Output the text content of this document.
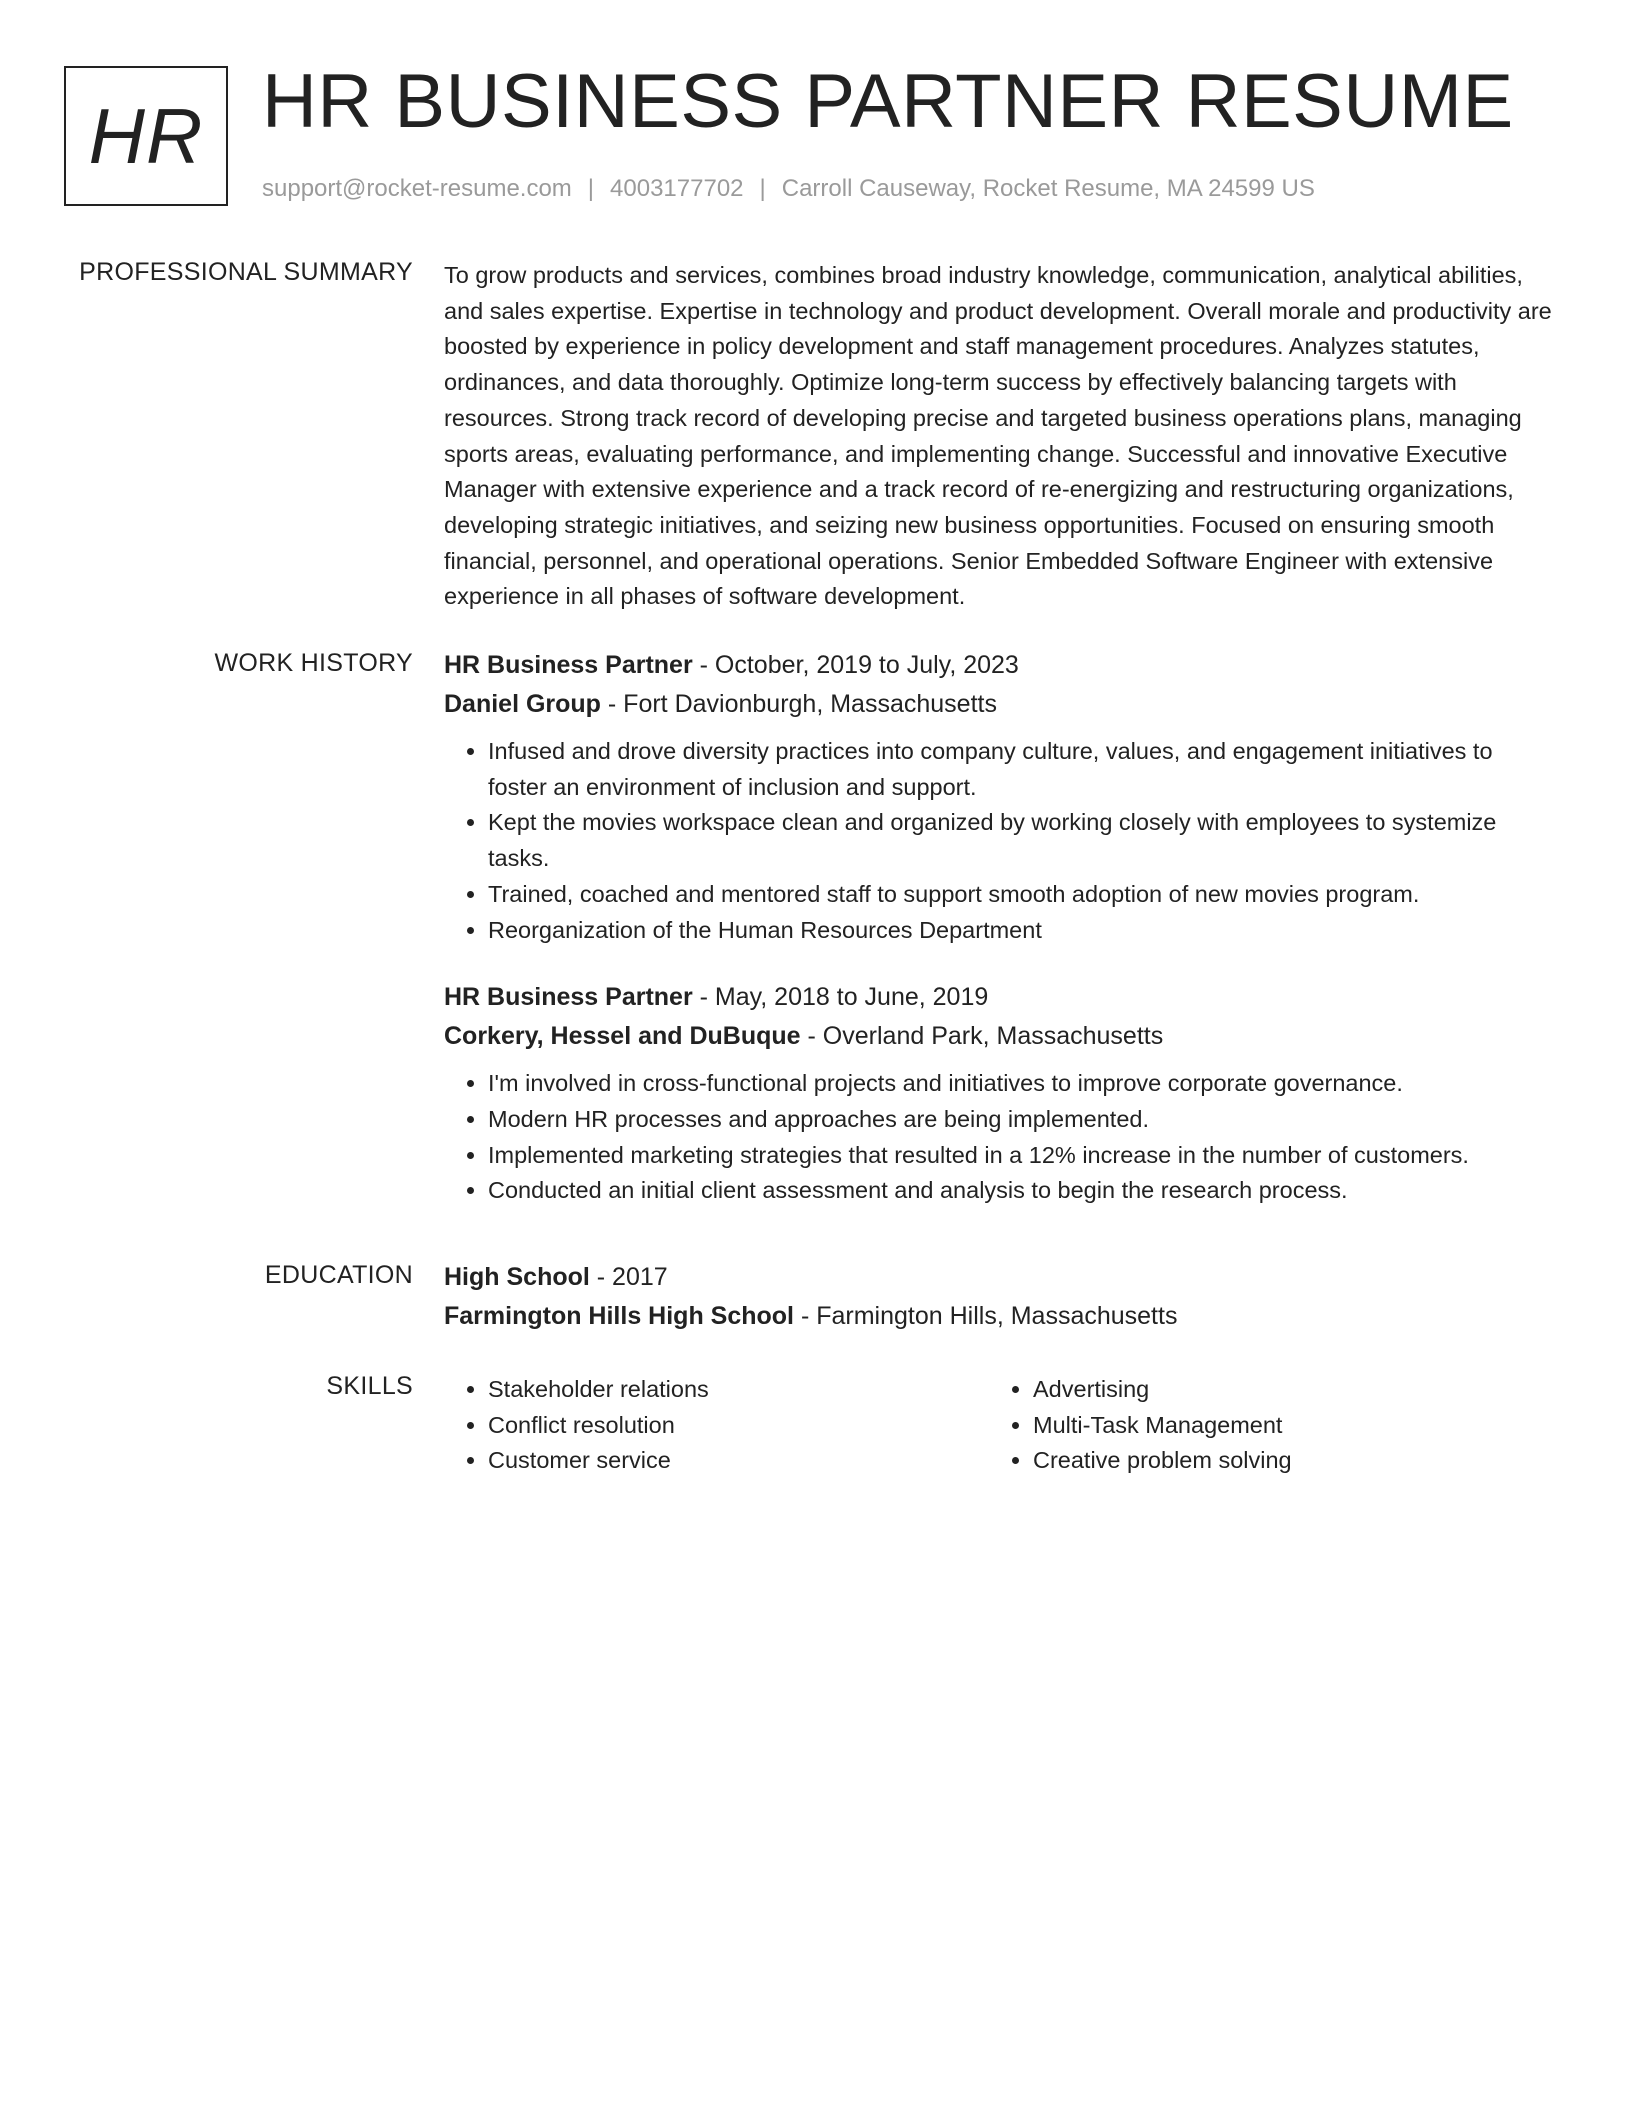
HR HR BUSINESS PARTNER RESUME
support@rocket-resume.com | 4003177702 | Carroll Causeway, Rocket Resume, MA 24599 US
PROFESSIONAL SUMMARY To grow products and services, combines broad industry knowledge, communication, analytical abilities, and sales expertise. Expertise in technology and product development. Overall morale and productivity are boosted by experience in policy development and staff management procedures. Analyzes statutes, ordinances, and data thoroughly. Optimize long-term success by effectively balancing targets with resources. Strong track record of developing precise and targeted business operations plans, managing sports areas, evaluating performance, and implementing change. Successful and innovative Executive Manager with extensive experience and a track record of re-energizing and restructuring organizations, developing strategic initiatives, and seizing new business opportunities. Focused on ensuring smooth financial, personnel, and operational operations. Senior Embedded Software Engineer with extensive experience in all phases of software development.

WORK HISTORY HR Business Partner - October, 2019 to July, 2023
Daniel Group - Fort Davionburgh, Massachusetts
• Infused and drove diversity practices into company culture, values, and engagement initiatives to foster an environment of inclusion and support.
• Kept the movies workspace clean and organized by working closely with employees to systemize tasks.
• Trained, coached and mentored staff to support smooth adoption of new movies program.
• Reorganization of the Human Resources Department
HR Business Partner - May, 2018 to June, 2019
Corkery, Hessel and DuBuque - Overland Park, Massachusetts
• I'm involved in cross-functional projects and initiatives to improve corporate governance.
• Modern HR processes and approaches are being implemented.
• Implemented marketing strategies that resulted in a 12% increase in the number of customers.
• Conducted an initial client assessment and analysis to begin the research process.
EDUCATION High School - 2017
Farmington Hills High School - Farmington Hills, Massachusetts
SKILLS
•	Stakeholder relations
• Conflict resolution
• Customer service
• Advertising
• Multi-Task Management
• Creative problem solving
